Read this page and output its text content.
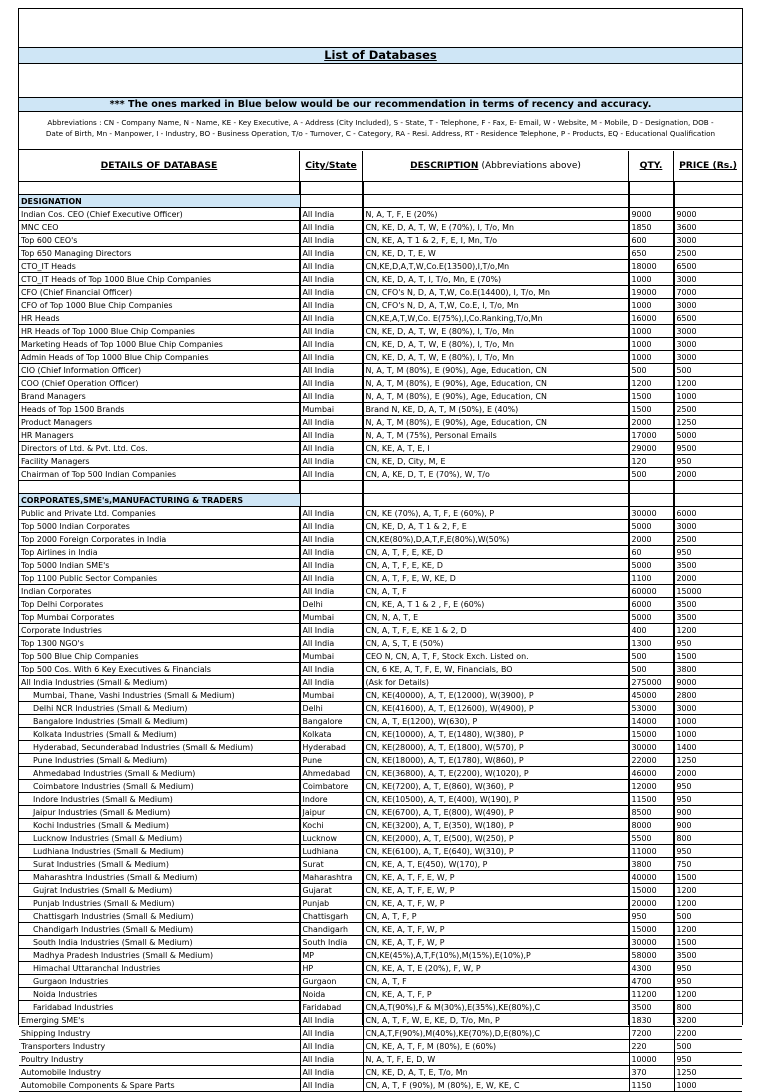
List of Databases
*** The ones marked in Blue below would be our recommendation in terms of recency and accuracy.
Abbreviations : CN - Company Name, N - Name, KE - Key Executive, A - Address (City Included), S - State, T - Telephone, F - Fax, E- Email, W - Website, M - Mobile, D - Designation, DOB -
Date of Birth, Mn - Manpower, I - Industry, BO - Business Operation, T/o - Turnover, C - Category, RA - Resi. Address, RT - Residence Telephone, P - Products, EQ - Educational Qualification
DETAILS OF DATABASE	City/State	DESCRIPTION (Abbreviations above)	QTY.	PRICE (Rs.)

DESIGNATION				
Indian Cos. CEO (Chief Executive Officer)	All India	N, A, T, F, E (20%)	9000	9000
MNC CEO	All India	CN, KE, D, A, T, W, E (70%), I, T/o, Mn	1850	3600
Top 600 CEO's	All India	CN, KE, A, T 1 & 2, F, E, I, Mn, T/o	600	3000
Top 650 Managing Directors	All India	CN, KE, D, T, E, W	650	2500
CTO_IT Heads	All India	CN,KE,D,A,T,W,Co.E(13500),I,T/o,Mn	18000	6500
CTO_IT Heads of Top 1000 Blue Chip Companies	All India	CN, KE, D, A, T, I, T/o, Mn, E (70%)	1000	3000
CFO (Chief Financial Officer)	All India	CN, CFO's N, D, A, T,W, Co.E(14400), I, T/o, Mn	19000	7000
CFO of Top 1000 Blue Chip Companies	All India	CN, CFO's N, D, A, T,W, Co.E, I, T/o, Mn	1000	3000
HR Heads	All India	CN,KE,A,T,W,Co. E(75%),I,Co.Ranking,T/o,Mn	16000	6500
HR Heads of Top 1000 Blue Chip Companies	All India	CN, KE, D, A, T, W, E (80%), I, T/o, Mn	1000	3000
Marketing Heads of Top 1000 Blue Chip Companies	All India	CN, KE, D, A, T, W, E (80%), I, T/o, Mn	1000	3000
Admin Heads of Top 1000 Blue Chip Companies	All India	CN, KE, D, A, T, W, E (80%), I, T/o, Mn	1000	3000
CIO (Chief Information Officer)	All India	N, A, T, M (80%), E (90%), Age, Education, CN	500	500
COO (Chief Operation Officer)	All India	N, A, T, M (80%), E (90%), Age, Education, CN	1200	1200
Brand Managers	All India	N, A, T, M (80%), E (90%), Age, Education, CN	1500	1000
Heads of Top 1500 Brands	Mumbai	Brand N, KE, D, A, T, M (50%), E (40%)	1500	2500
Product Managers	All India	N, A, T, M (80%), E (90%), Age, Education, CN	2000	1250
HR Managers	All India	N, A, T, M (75%), Personal Emails	17000	5000
Directors of Ltd. & Pvt. Ltd. Cos.	All India	CN, KE, A, T, E, I	29000	9500
Facility Managers	All India	CN, KE, D, City, M, E	120	950
Chairman of Top 500 Indian Companies	All India	CN, A, KE, D, T, E (70%), W, T/o	500	2000

CORPORATES,SME's,MANUFACTURING & TRADERS				
Public and Private Ltd. Companies	All India	CN, KE (70%), A, T, F, E (60%), P	30000	6000
Top 5000 Indian Corporates	All India	CN, KE, D, A, T 1 & 2, F, E	5000	3000
Top 2000 Foreign Corporates in India	All India	CN,KE(80%),D,A,T,F,E(80%),W(50%)	2000	2500
Top Airlines in India	All India	CN, A, T, F, E, KE, D	60	950
Top 5000 Indian SME's	All India	CN, A, T, F, E, KE, D	5000	3500
Top 1100 Public Sector Companies	All India	CN, A, T, F, E, W, KE, D	1100	2000
Indian Corporates	All India	CN, A, T, F	60000	15000
Top Delhi Corporates	Delhi	CN, KE, A, T 1 & 2 , F, E (60%)	6000	3500
Top Mumbai Corporates	Mumbai	CN, N, A, T, E	5000	3500
Corporate Industries	All India	CN, A, T, F, E, KE 1 & 2, D	400	1200
Top 1300 NGO's	All India	CN, A, S, T, E (50%)	1300	950
Top 500 Blue Chip Companies	Mumbai	CEO N, CN, A, T, F, Stock Exch. Listed on.	500	1500
Top 500 Cos. With 6 Key Executives & Financials	All India	CN, 6 KE, A, T, F, E, W, Financials, BO	500	3800
All India Industries (Small & Medium)	All India	(Ask for Details)	275000	9000
Mumbai, Thane, Vashi Industries (Small & Medium)	Mumbai	CN, KE(40000), A, T, E(12000), W(3900), P	45000	2800
Delhi NCR Industries (Small & Medium)	Delhi	CN, KE(41600), A, T, E(12600), W(4900), P	53000	3000
Bangalore Industries (Small & Medium)	Bangalore	CN, A, T, E(1200), W(630), P	14000	1000
Kolkata Industries (Small & Medium)	Kolkata	CN, KE(10000), A, T, E(1480), W(380), P	15000	1000
Hyderabad, Secunderabad Industries (Small & Medium)	Hyderabad	CN, KE(28000), A, T, E(1800), W(570), P	30000	1400
Pune Industries (Small & Medium)	Pune	CN, KE(18000), A, T, E(1780), W(860), P	22000	1250
Ahmedabad Industries (Small & Medium)	Ahmedabad	CN, KE(36800), A, T, E(2200), W(1020), P	46000	2000
Coimbatore Industries (Small & Medium)	Coimbatore	CN, KE(7200), A, T, E(860), W(360), P	12000	950
Indore Industries (Small & Medium)	Indore	CN, KE(10500), A, T, E(400), W(190), P	11500	950
Jaipur Industries (Small & Medium)	Jaipur	CN, KE(6700), A, T, E(800), W(490), P	8500	900
Kochi Industries (Small & Medium)	Kochi	CN, KE(3200), A, T, E(350), W(180), P	8000	900
Lucknow Industries (Small & Medium)	Lucknow	CN, KE(2000), A, T, E(500), W(250), P	5500	800
Ludhiana Industries (Small & Medium)	Ludhiana	CN, KE(6100), A, T, E(640), W(310), P	11000	950
Surat Industries (Small & Medium)	Surat	CN, KE, A, T, E(450), W(170), P	3800	750
Maharashtra Industries (Small & Medium)	Maharashtra	CN, KE, A, T, F, E, W, P	40000	1500
Gujrat Industries (Small & Medium)	Gujarat	CN, KE, A, T, F, E, W, P	15000	1200
Punjab Industries (Small & Medium)	Punjab	CN, KE, A, T, F, W, P	20000	1200
Chattisgarh Industries (Small & Medium)	Chattisgarh	CN, A, T, F, P	950	500
Chandigarh Industries (Small & Medium)	Chandigarh	CN, KE, A, T, F, W, P	15000	1200
South India Industries (Small & Medium)	South India	CN, KE, A, T, F, W, P	30000	1500
Madhya Pradesh Industries (Small & Medium)	MP	CN,KE(45%),A,T,F(10%),M(15%),E(10%),P	58000	3500
Himachal Uttaranchal Industries	HP	CN, KE, A, T, E (20%), F, W, P	4300	950
Gurgaon Industries	Gurgaon	CN, A, T, F	4700	950
Noida Industries	Noida	CN, KE, A, T, F, P	11200	1200
Faridabad Industries	Faridabad	CN,A,T(90%),F & M(30%),E(35%),KE(80%),C	3500	800
Emerging SME's	All India	CN, A, T, F, W, E, KE, D, T/o, Mn, P	1830	3200
Shipping Industry	All India	CN,A,T,F(90%),M(40%),KE(70%),D,E(80%),C	7200	2200
Transporters Industry	All India	CN, KE, A, T, F, M (80%), E (60%)	220	500
Poultry Industry	All India	N, A, T, F, E, D, W	10000	950
Automobile Industry	All India	CN, KE, D, A, T, E, T/o, Mn	370	1250
Automobile Components & Spare Parts	All India	CN, A, T, F (90%), M (80%), E, W, KE, C	1150	1000
